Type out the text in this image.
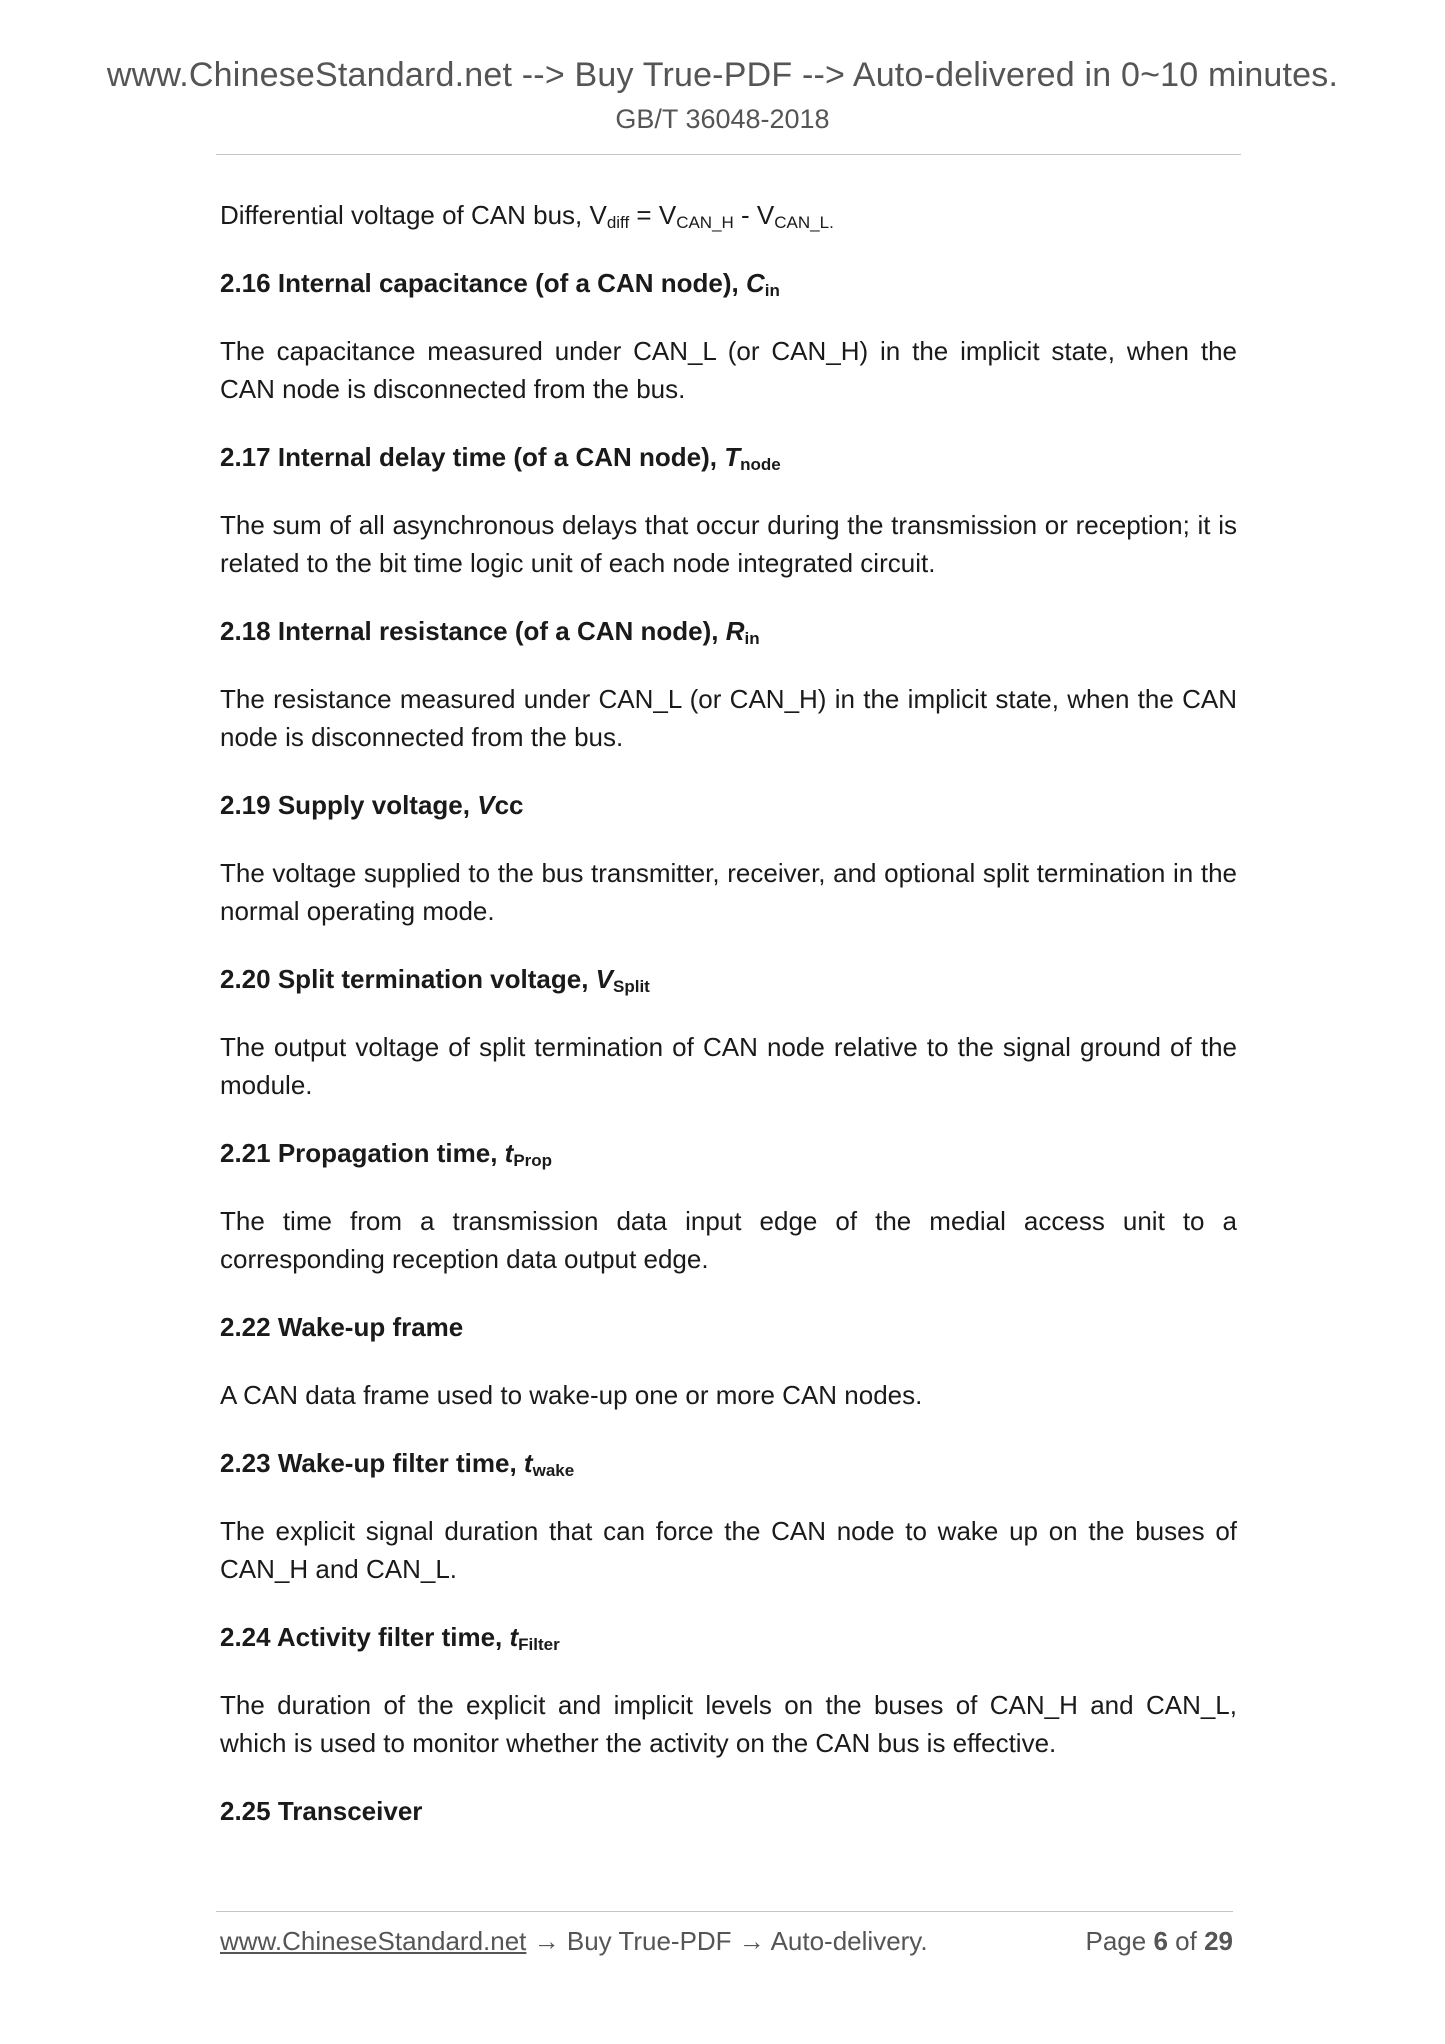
www.ChineseStandard.net --> Buy True-PDF --> Auto-delivered in 0~10 minutes.
GB/T 36048-2018

Differential voltage of CAN bus, $V_{diff} = V_{CAN\_H} - V_{CAN\_L.}$

2.16 Internal capacitance (of a CAN node), $C_{in}$

The capacitance measured under CAN_L (or CAN_H) in the implicit state, when the CAN node is disconnected from the bus.

2.17 Internal delay time (of a CAN node), $T_{node}$

The sum of all asynchronous delays that occur during the transmission or reception; it is related to the bit time logic unit of each node integrated circuit.

2.18 Internal resistance (of a CAN node), $R_{in}$

The resistance measured under CAN_L (or CAN_H) in the implicit state, when the CAN node is disconnected from the bus.

2.19 Supply voltage, Vcc

The voltage supplied to the bus transmitter, receiver, and optional split termination in the normal operating mode.

2.20 Split termination voltage, $V_{Split}$

The output voltage of split termination of CAN node relative to the signal ground of the module.

2.21 Propagation time, $t_{Prop}$

The time from a transmission data input edge of the medial access unit to a corresponding reception data output edge.

2.22 Wake-up frame

A CAN data frame used to wake-up one or more CAN nodes.

2.23 Wake-up filter time, $t_{wake}$

The explicit signal duration that can force the CAN node to wake up on the buses of CAN_H and CAN_L.

2.24 Activity filter time, $t_{Filter}$

The duration of the explicit and implicit levels on the buses of CAN_H and CAN_L, which is used to monitor whether the activity on the CAN bus is effective.

2.25 Transceiver

www.ChineseStandard.net → Buy True-PDF → Auto-delivery.	Page 6 of 29
